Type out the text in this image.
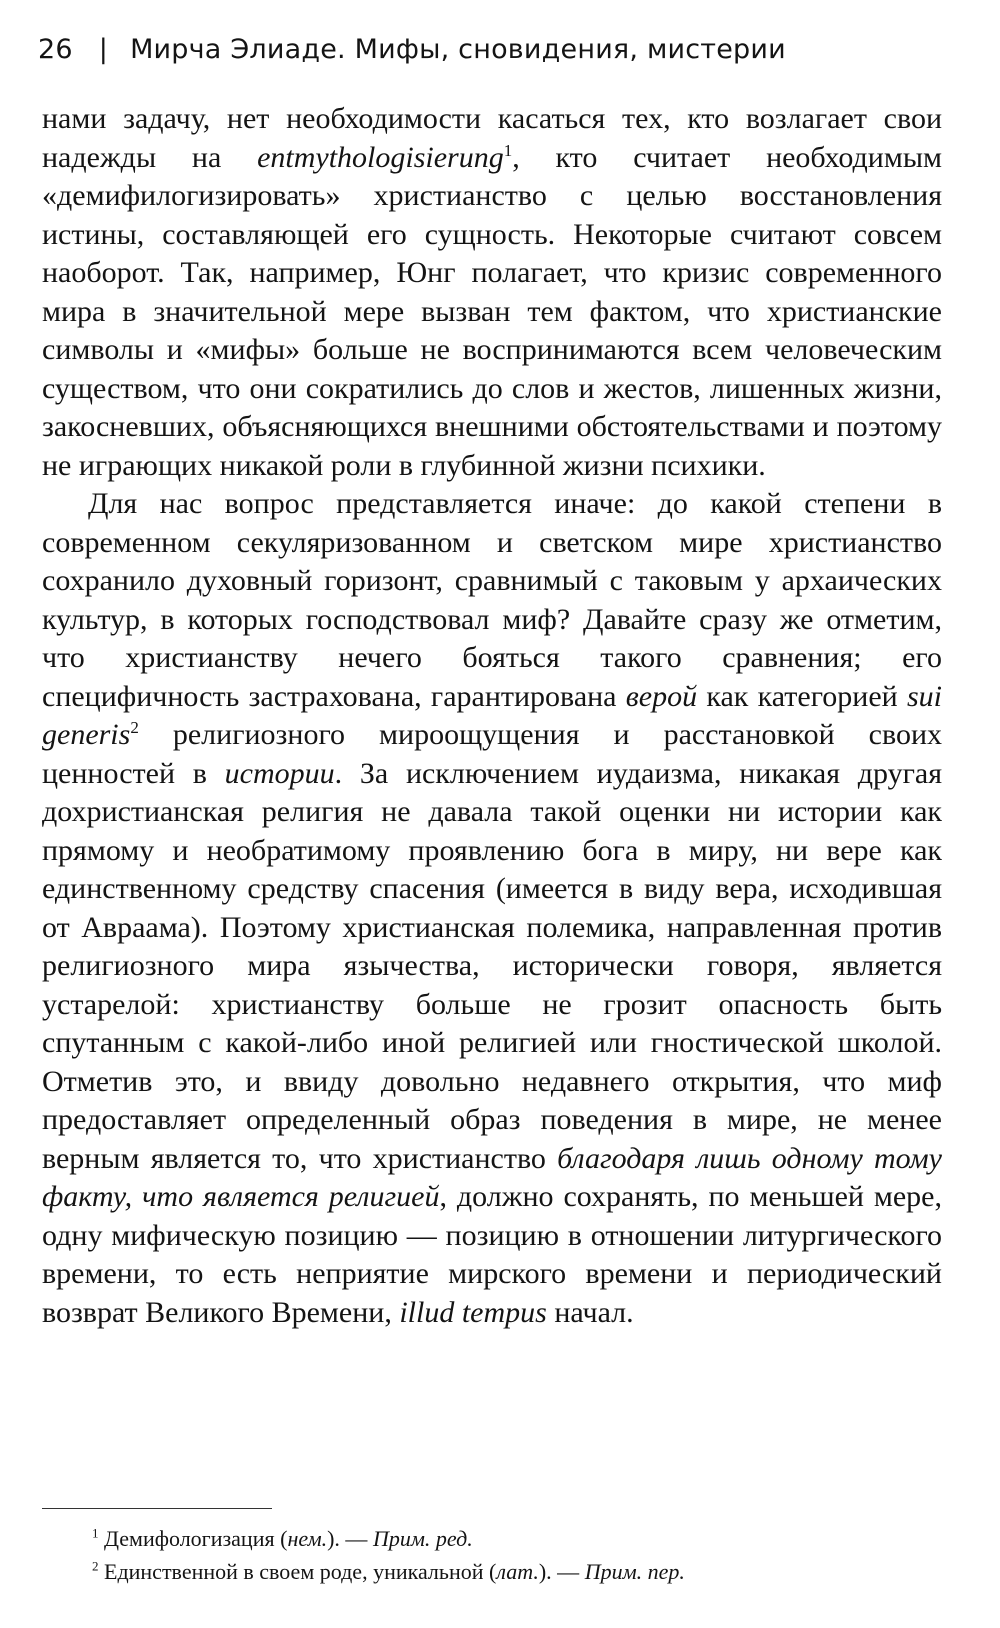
26 | Мирча Элиаде. Мифы, сновидения, мистерии

нами задачу, нет необходимости касаться тех, кто возлагает свои надежды на entmythologisierung$^1$, кто считает необходимым «демифилогизировать» христианство с целью восстановления истины, составляющей его сущность. Некоторые считают совсем наоборот. Так, например, Юнг полагает, что кризис современного мира в значительной мере вызван тем фактом, что христианские символы и «мифы» больше не воспринимаются всем человеческим существом, что они сократились до слов и жестов, лишенных жизни, закосневших, объясняющихся внешними обстоятельствами и поэтому не играющих никакой роли в глубинной жизни психики.

Для нас вопрос представляется иначе: до какой степени в современном секуляризованном и светском мире христианство сохранило духовный горизонт, сравнимый с таковым у архаических культур, в которых господствовал миф? Давайте сразу же отметим, что христианству нечего бояться такого сравнения; его специфичность застрахована, гарантирована верой как категорией sui generis$^2$ религиозного мироощущения и расстановкой своих ценностей в истории. За исключением иудаизма, никакая другая дохристианская религия не давала такой оценки ни истории как прямому и необратимому проявлению бога в миру, ни вере как единственному средству спасения (имеется в виду вера, исходившая от Авраама). Поэтому христианская полемика, направленная против религиозного мира язычества, исторически говоря, является устарелой: христианству больше не грозит опасность быть спутанным с какой-либо иной религией или гностической школой. Отметив это, и ввиду довольно недавнего открытия, что миф предоставляет определенный образ поведения в мире, не менее верным является то, что христианство благодаря лишь одному тому факту, что является религией, должно сохранять, по меньшей мере, одну мифическую позицию — позицию в отношении литургического времени, то есть неприятие мирского времени и периодический возврат Великого Времени, illud tempus начал.

$^1$ Демифологизация (нем.). — Прим. ред.
$^2$ Единственной в своем роде, уникальной (лат.). — Прим. пер.
